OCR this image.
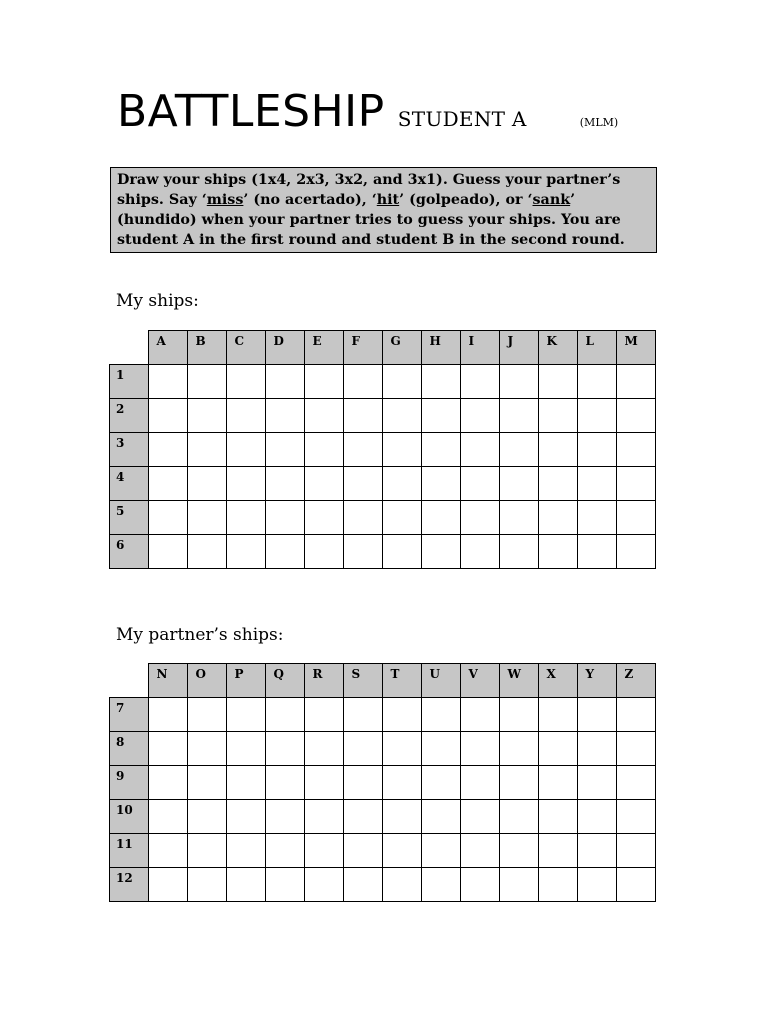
BATTLESHIP STUDENT A	(MLM)
Draw your ships (1x4, 2x3, 3x2, and 3x1). Guess your partner’s ships. Say ‘miss’ (no acertado), ‘hit’ (golpeado), or ‘sank’ (hundido) when your partner tries to guess your ships. You are student A in the first round and student B in the second round.
My ships:
	A	B	C	D	E	F	G	H	I	J	K	L	M
1													
2													
3													
4													
5													
6													
My partner’s ships:
	N	O	P	Q	R	S	T	U	V	W	X	Y	Z
7													
8													
9													
10													
11													
12													
